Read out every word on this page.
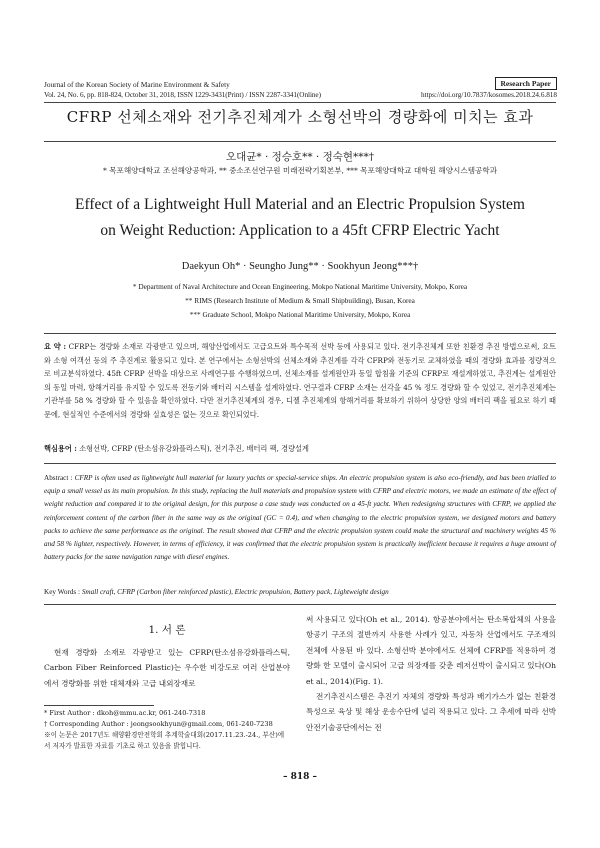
Journal of the Korean Society of Marine Environment & Safety	Research Paper
Vol. 24, No. 6, pp. 818-824, October 31, 2018, ISSN 1229-3431(Print) / ISSN 2287-3341(Online)	https://doi.org/10.7837/kosomes.2018.24.6.818
CFRP 선체소재와 전기추진체계가 소형선박의 경량화에 미치는 효과
오대균* · 정승호** · 정숙현***†
* 목포해양대학교 조선해양공학과, ** 중소조선연구원 미래전략기획본부, *** 목포해양대학교 대학원 해양시스템공학과
Effect of a Lightweight Hull Material and an Electric Propulsion System
on Weight Reduction: Application to a 45ft CFRP Electric Yacht
Daekyun Oh* · Seungho Jung** · Sookhyun Jeong***†
* Department of Naval Architecture and Ocean Engineering, Mokpo National Maritime University, Mokpo, Korea
** RIMS (Research Institute of Medium & Small Shipbuilding), Busan, Korea
*** Graduate School, Mokpo National Maritime University, Mokpo, Korea
요 약 : CFRP는 경량화 소재로 각광받고 있으며, 해양산업에서도 고급요트와 특수목적 선박 등에 사용되고 있다. 전기추진체계 또한 친환경 추진 방법으로써, 요트와 소형 여객선 등의 주 추진계로 활용되고 있다. 본 연구에서는 소형선박의 선체소재와 추진계를 각각 CFRP와 전동기로 교체하였을 때의 경량화 효과를 정량적으로 비교분석하였다. 45ft CFRP 선박을 대상으로 사례연구를 수행하였으며, 선체소재를 설계원안과 동일 합침율 기준의 CFRP로 재설계하였고, 추진계는 설계원안의 동일 마력, 항해거리를 유지할 수 있도록 전동기와 배터리 시스템을 설계하였다. 연구결과 CFRP 소재는 선각을 45 % 정도 경량화 할 수 있었고, 전기추진체계는 기관부를 58 % 경량화 할 수 있음을 확인하였다. 다만 전기추진체계의 경우, 디젤 추진체계의 항해거리를 확보하기 위하여 상당한 양의 배터리 팩을 필요로 하기 때문에, 현실적인 수준에서의 경량화 실효성은 없는 것으로 확인되었다.
핵심용어 : 소형선박, CFRP (탄소섬유강화플라스틱), 전기추진, 배터리 팩, 경량설계
Abstract : CFRP is often used as lightweight hull material for luxury yachts or special-service ships. An electric propulsion system is also eco-friendly, and has been trialled to equip a small vessel as its main propulsion. In this study, replacing the hull materials and propulsion system with CFRP and electric motors, we made an estimate of the effect of weight reduction and compared it to the original design, for this purpose a case study was conducted on a 45-ft yacht. When redesigning structures with CFRP, we applied the reinforcement content of the carbon fiber in the same way as the original (GC = 0.4), and when changing to the electric propulsion system, we designed motors and battery packs to achieve the same performance as the original. The result showed that CFRP and the electric propulsion system could make the structural and machinery weights 45 % and 58 % lighter, respectively. However, in terms of efficiency, it was confirmed that the electric propulsion system is practically inefficient because it requires a huge amount of battery packs for the same navigation range with diesel engines.
Key Words : Small craft, CFRP (Carbon fiber reinforced plastic), Electric propulsion, Battery pack, Lightweight design
1. 서 론
현재 경량화 소재로 각광받고 있는 CFRP(탄소섬유강화플라스틱, Carbon Fiber Reinforced Plastic)는 우수한 비강도로 여러 산업분야에서 경량화를 위한 대체재와 고급 내외장재로
* First Author : dkoh@mmu.ac.kr, 061-240-7318
† Corresponding Author : jeongsookhyun@gmail.com, 061-240-7238
※이 논문은 2017년도 해양환경안전학회 추계학술대회(2017.11.23.-24., 부산)에서 저자가 발표한 자료를 기초로 하고 있음을 밝힙니다.

써 사용되고 있다(Oh et al., 2014). 항공분야에서는 탄소복합체의 사용을 항공기 구조의 절반까지 사용한 사례가 있고, 자동차 산업에서도 구조재의 전체에 사용된 바 있다. 소형선박 분야에서도 선체에 CFRP를 적용하여 경량화 한 모델이 출시되어 고급 의장재를 갖춘 레저선박이 출시되고 있다(Oh et al., 2014)(Fig. 1).

전기추진시스템은 추진기 자체의 경량화 특성과 배기가스가 없는 친환경 특성으로 육상 및 해상 운송수단에 널리 적용되고 있다. 그 추세에 따라 선박안전기술공단에서는 전

– 818 –
